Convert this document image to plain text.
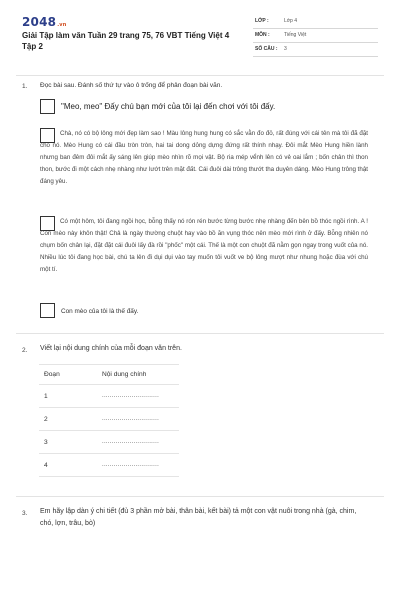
2048.vn
Giải Tập làm văn Tuần 29 trang 75, 76 VBT Tiếng Việt 4 Tập 2
LỚP :	Lớp 4
MÔN :	Tiếng Việt
SỐ CÂU : 3
1. Đọc bài sau. Đánh số thứ tự vào ô trống để phân đoạn bài văn.
"Meo, meo" Đấy chú bạn mới của tôi lại đến chơi với tôi đấy.
Chà, nó có bộ lông mới đẹp làm sao ! Màu lông hung hung có sắc vằn đo đỏ, rất đúng với cái tên mà tôi đã đặt cho nó. Mèo Hung có cái đầu tròn tròn, hai tai dong dỏng dựng đứng rất thính nhạy. Đôi mắt Mèo Hung hiền lành nhưng ban đêm đôi mắt ấy sáng lên giúp mèo nhìn rõ mọi vật. Bộ ria mép vểnh lên có vẻ oai lắm ; bốn chân thì thon thon, bước đi một cách nhẹ nhàng như lướt trên mặt đất. Cái đuôi dài trông thướt tha duyên dáng. Mèo Hung trông thật đáng yêu.
Có một hôm, tôi đang ngồi học, bỗng thấy nó rón rén bước từng bước nhẹ nhàng đến bên bồ thóc ngồi rình. A ! Con mèo này khôn thật! Chả là ngày thường chuột hay vào bồ ăn vụng thóc nên mèo mới rình ở đấy. Bỗng nhiên nó chụm bốn chân lại, đặt đặt cái đuôi lấy đà rồi "phốc" một cái. Thế là một con chuột đã nằm gọn ngay trong vuốt của nó. Nhiều lúc tôi đang học bài, chú ta lẻn đi dụi dụi vào tay muốn tôi vuốt ve bộ lông mượt như nhung hoặc đùa với chú một tí.
Con mèo của tôi là thế đấy.
2. Viết lại nội dung chính của mỗi đoạn văn trên.
Đoạn	Nội dung chính
1	.............................
2	.............................
3	.............................
4	.............................
3. Em hãy lập dàn ý chi tiết (đủ 3 phần mở bài, thân bài, kết bài) tả một con vật nuôi trong nhà (gà, chim, chó, lợn, trâu, bò)
